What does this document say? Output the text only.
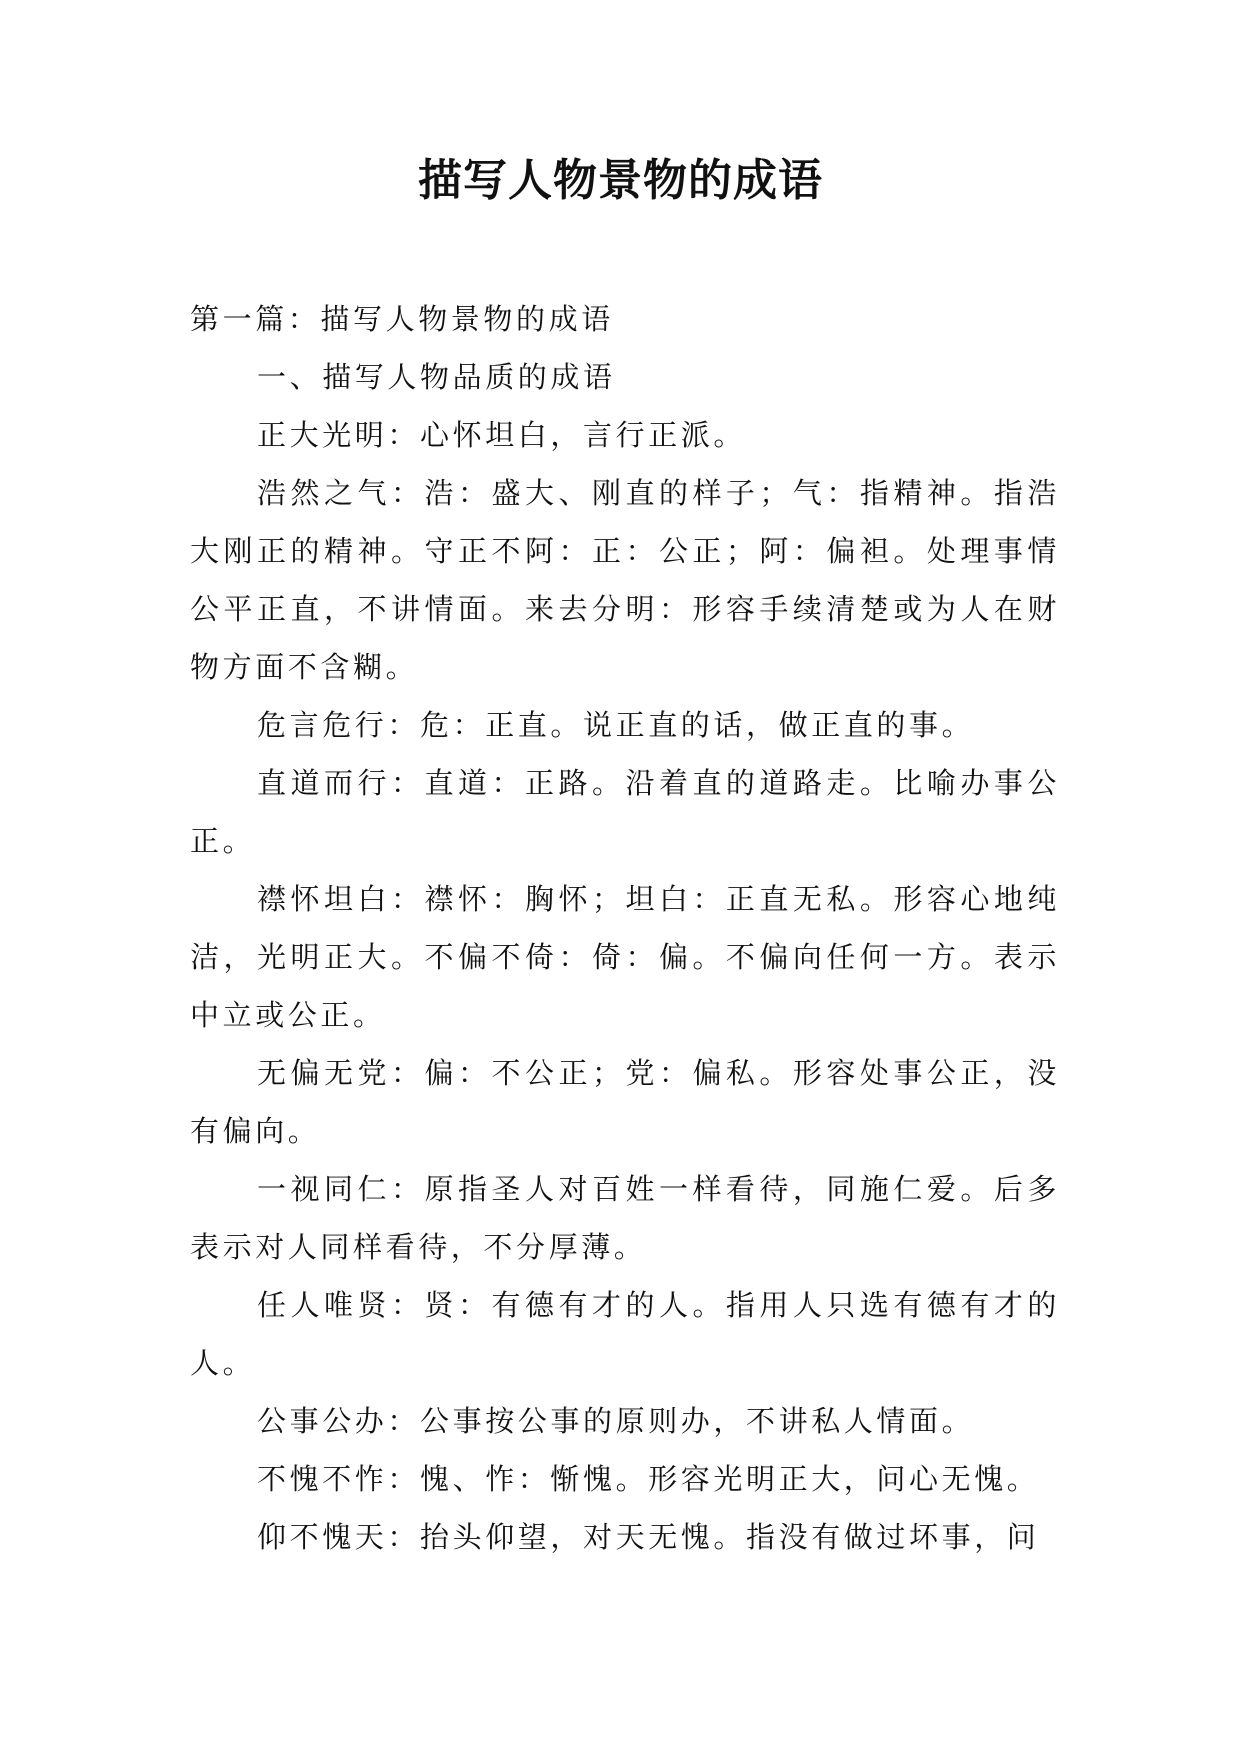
描写人物景物的成语

第一篇：描写人物景物的成语

一、描写人物品质的成语

正大光明：心怀坦白，言行正派。

浩然之气：浩：盛大、刚直的样子；气：指精神。指浩大刚正的精神。守正不阿：正：公正；阿：偏袒。处理事情公平正直，不讲情面。来去分明：形容手续清楚或为人在财物方面不含糊。

危言危行：危：正直。说正直的话，做正直的事。

直道而行：直道：正路。沿着直的道路走。比喻办事公正。

襟怀坦白：襟怀：胸怀；坦白：正直无私。形容心地纯洁，光明正大。不偏不倚：倚：偏。不偏向任何一方。表示中立或公正。

无偏无党：偏：不公正；党：偏私。形容处事公正，没有偏向。

一视同仁：原指圣人对百姓一样看待，同施仁爱。后多表示对人同样看待，不分厚薄。

任人唯贤：贤：有德有才的人。指用人只选有德有才的人。

公事公办：公事按公事的原则办，不讲私人情面。

不愧不怍：愧、怍：惭愧。形容光明正大，问心无愧。

仰不愧天：抬头仰望，对天无愧。指没有做过坏事，问
